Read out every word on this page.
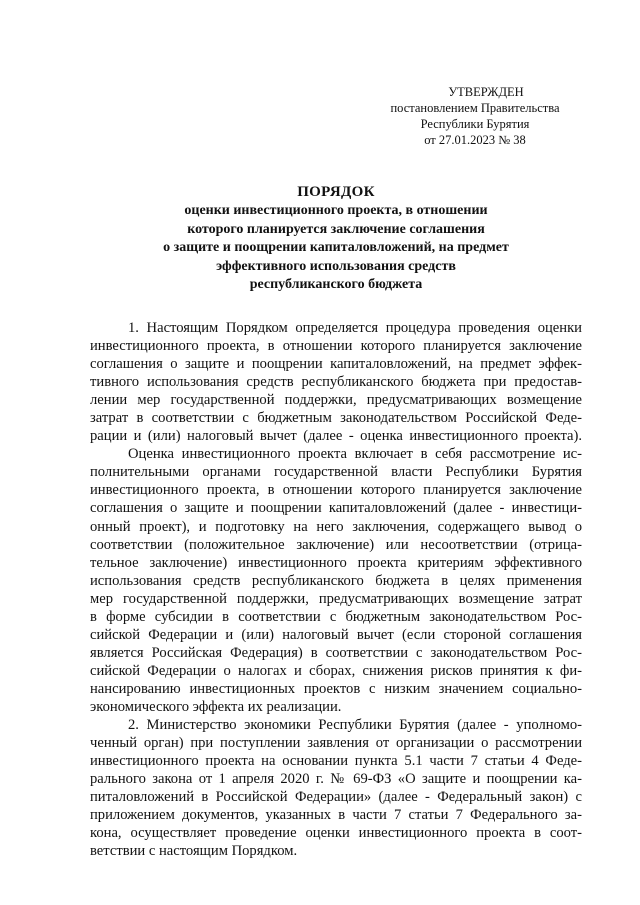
УТВЕРЖДЕН
постановлением Правительства
Республики Бурятия
от 27.01.2023 № 38
ПОРЯДОК
оценки инвестиционного проекта, в отношении
которого планируется заключение соглашения
о защите и поощрении капиталовложений, на предмет
эффективного использования средств
республиканского бюджета
1. Настоящим Порядком определяется процедура проведения оценки
инвестиционного проекта, в отношении которого планируется заключение
соглашения о защите и поощрении капиталовложений, на предмет эффек-
тивного использования средств республиканского бюджета при предостав-
лении мер государственной поддержки, предусматривающих возмещение
затрат в соответствии с бюджетным законодательством Российской Феде-
рации и (или) налоговый вычет (далее - оценка инвестиционного проекта).
Оценка инвестиционного проекта включает в себя рассмотрение ис-
полнительными органами государственной власти Республики Бурятия
инвестиционного проекта, в отношении которого планируется заключение
соглашения о защите и поощрении капиталовложений (далее - инвестици-
онный проект), и подготовку на него заключения, содержащего вывод о
соответствии (положительное заключение) или несоответствии (отрица-
тельное заключение) инвестиционного проекта критериям эффективного
использования средств республиканского бюджета в целях применения
мер государственной поддержки, предусматривающих возмещение затрат
в форме субсидии в соответствии с бюджетным законодательством Рос-
сийской Федерации и (или) налоговый вычет (если стороной соглашения
является Российская Федерация) в соответствии с законодательством Рос-
сийской Федерации о налогах и сборах, снижения рисков принятия к фи-
нансированию инвестиционных проектов с низким значением социально-
экономического эффекта их реализации.
2. Министерство экономики Республики Бурятия (далее - уполномо-
ченный орган) при поступлении заявления от организации о рассмотрении
инвестиционного проекта на основании пункта 5.1 части 7 статьи 4 Феде-
рального закона от 1 апреля 2020 г. № 69-ФЗ «О защите и поощрении ка-
питаловложений в Российской Федерации» (далее - Федеральный закон) с
приложением документов, указанных в части 7 статьи 7 Федерального за-
кона, осуществляет проведение оценки инвестиционного проекта в соот-
ветствии с настоящим Порядком.
